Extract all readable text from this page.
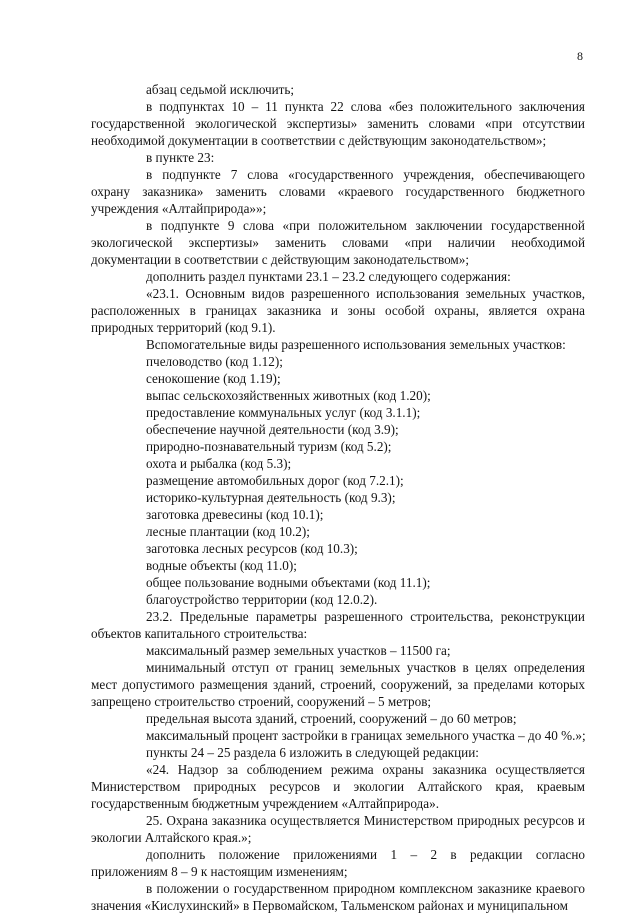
8
абзац седьмой исключить;
в подпунктах 10 – 11 пункта 22 слова «без положительного заключения
государственной экологической экспертизы» заменить словами «при отсутствии
необходимой документации в соответствии с действующим законодательством»;
в пункте 23:
в подпункте 7 слова «государственного учреждения, обеспечивающего
охрану заказника» заменить словами «краевого государственного бюджетного
учреждения «Алтайприрода»»;
в подпункте 9 слова «при положительном заключении государственной
экологической экспертизы» заменить словами «при наличии необходимой
документации в соответствии с действующим законодательством»;
дополнить раздел пунктами 23.1 – 23.2 следующего содержания:
«23.1. Основным видов разрешенного использования земельных участков,
расположенных в границах заказника и зоны особой охраны, является охрана
природных территорий (код 9.1).
Вспомогательные виды разрешенного использования земельных участков:
пчеловодство (код 1.12);
сенокошение (код 1.19);
выпас сельскохозяйственных животных (код 1.20);
предоставление коммунальных услуг (код 3.1.1);
обеспечение научной деятельности (код 3.9);
природно-познавательный туризм (код 5.2);
охота и рыбалка (код 5.3);
размещение автомобильных дорог (код 7.2.1);
историко-культурная деятельность (код 9.3);
заготовка древесины (код 10.1);
лесные плантации (код 10.2);
заготовка лесных ресурсов (код 10.3);
водные объекты (код 11.0);
общее пользование водными объектами (код 11.1);
благоустройство территории (код 12.0.2).
23.2. Предельные параметры разрешенного строительства, реконструкции
объектов капитального строительства:
максимальный размер земельных участков – 11500 га;
минимальный отступ от границ земельных участков в целях определения
мест допустимого размещения зданий, строений, сооружений, за пределами которых
запрещено строительство строений, сооружений – 5 метров;
предельная высота зданий, строений, сооружений – до 60 метров;
максимальный процент застройки в границах земельного участка – до 40 %.»;
пункты 24 – 25 раздела 6 изложить в следующей редакции:
«24. Надзор за соблюдением режима охраны заказника осуществляется
Министерством природных ресурсов и экологии Алтайского края, краевым
государственным бюджетным учреждением «Алтайприрода».
25. Охрана заказника осуществляется Министерством природных ресурсов и
экологии Алтайского края.»;
дополнить положение приложениями 1 – 2 в редакции согласно
приложениям 8 – 9 к настоящим изменениям;
в положении о государственном природном комплексном заказнике краевого
значения «Кислухинский» в Первомайском, Тальменском районах и муниципальном
